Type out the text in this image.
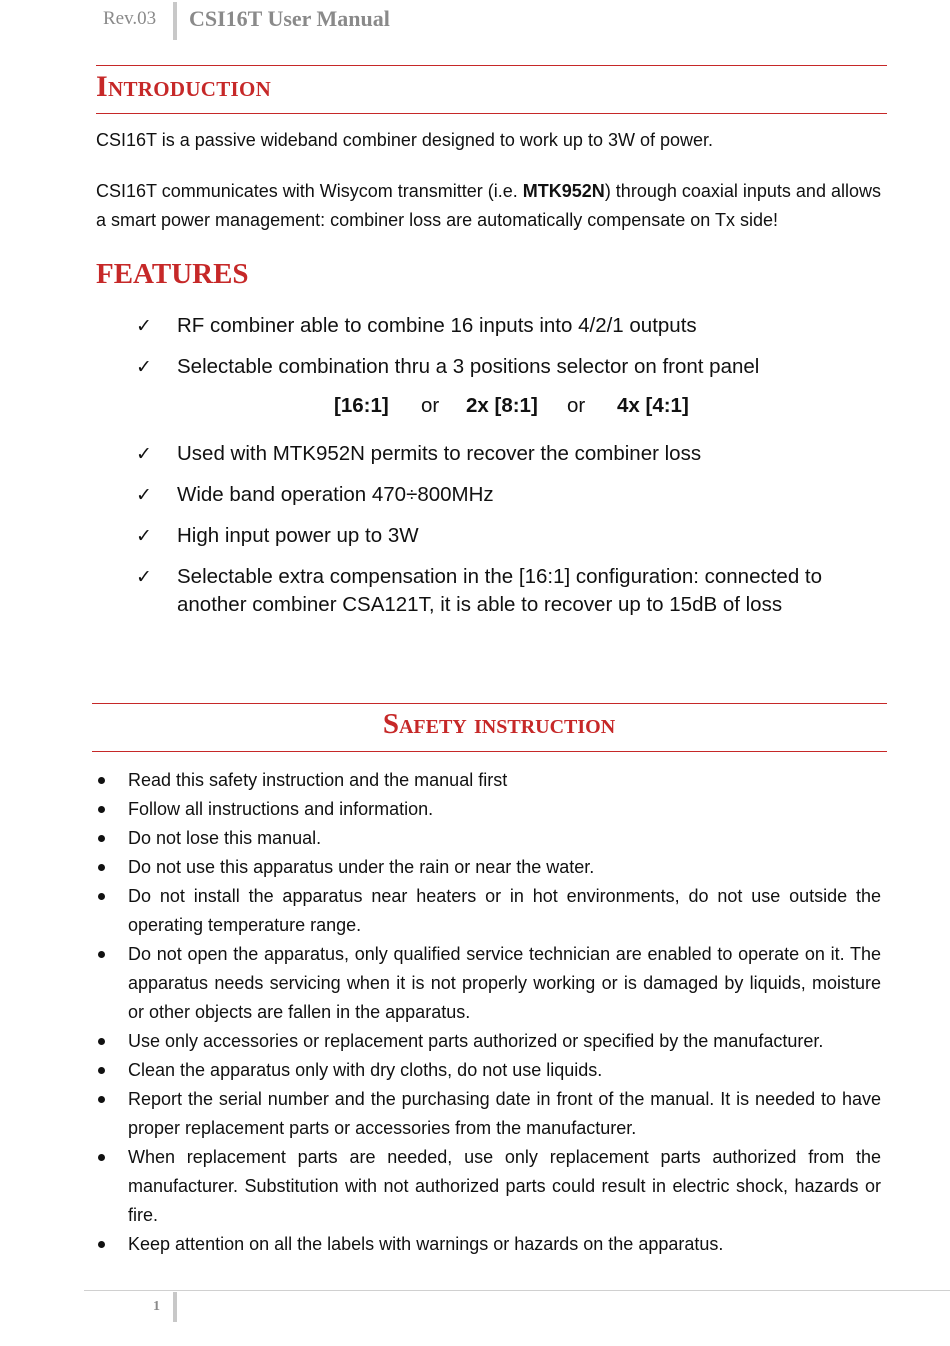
Rev.03 CSI16T User Manual
Introduction
CSI16T is a passive wideband combiner designed to work up to 3W of power.
CSI16T communicates with Wisycom transmitter (i.e. MTK952N) through coaxial inputs and allows a smart power management: combiner loss are automatically compensate on Tx side!
FEATURES
✓ RF combiner able to combine 16 inputs into 4/2/1 outputs
✓ Selectable combination thru a 3 positions selector on front panel
[16:1] or 2x [8:1] or 4x [4:1]
✓ Used with MTK952N permits to recover the combiner loss
✓ Wide band operation 470÷800MHz
✓ High input power up to 3W
✓ Selectable extra compensation in the [16:1] configuration: connected to another combiner CSA121T, it is able to recover up to 15dB of loss
Safety instruction
Read this safety instruction and the manual first
Follow all instructions and information.
Do not lose this manual.
Do not use this apparatus under the rain or near the water.
Do not install the apparatus near heaters or in hot environments, do not use outside the operating temperature range.
Do not open the apparatus, only qualified service technician are enabled to operate on it. The apparatus needs servicing when it is not properly working or is damaged by liquids, moisture or other objects are fallen in the apparatus.
Use only accessories or replacement parts authorized or specified by the manufacturer.
Clean the apparatus only with dry cloths, do not use liquids.
Report the serial number and the purchasing date in front of the manual. It is needed to have proper replacement parts or accessories from the manufacturer.
When replacement parts are needed, use only replacement parts authorized from the manufacturer. Substitution with not authorized parts could result in electric shock, hazards or fire.
Keep attention on all the labels with warnings or hazards on the apparatus.
1
